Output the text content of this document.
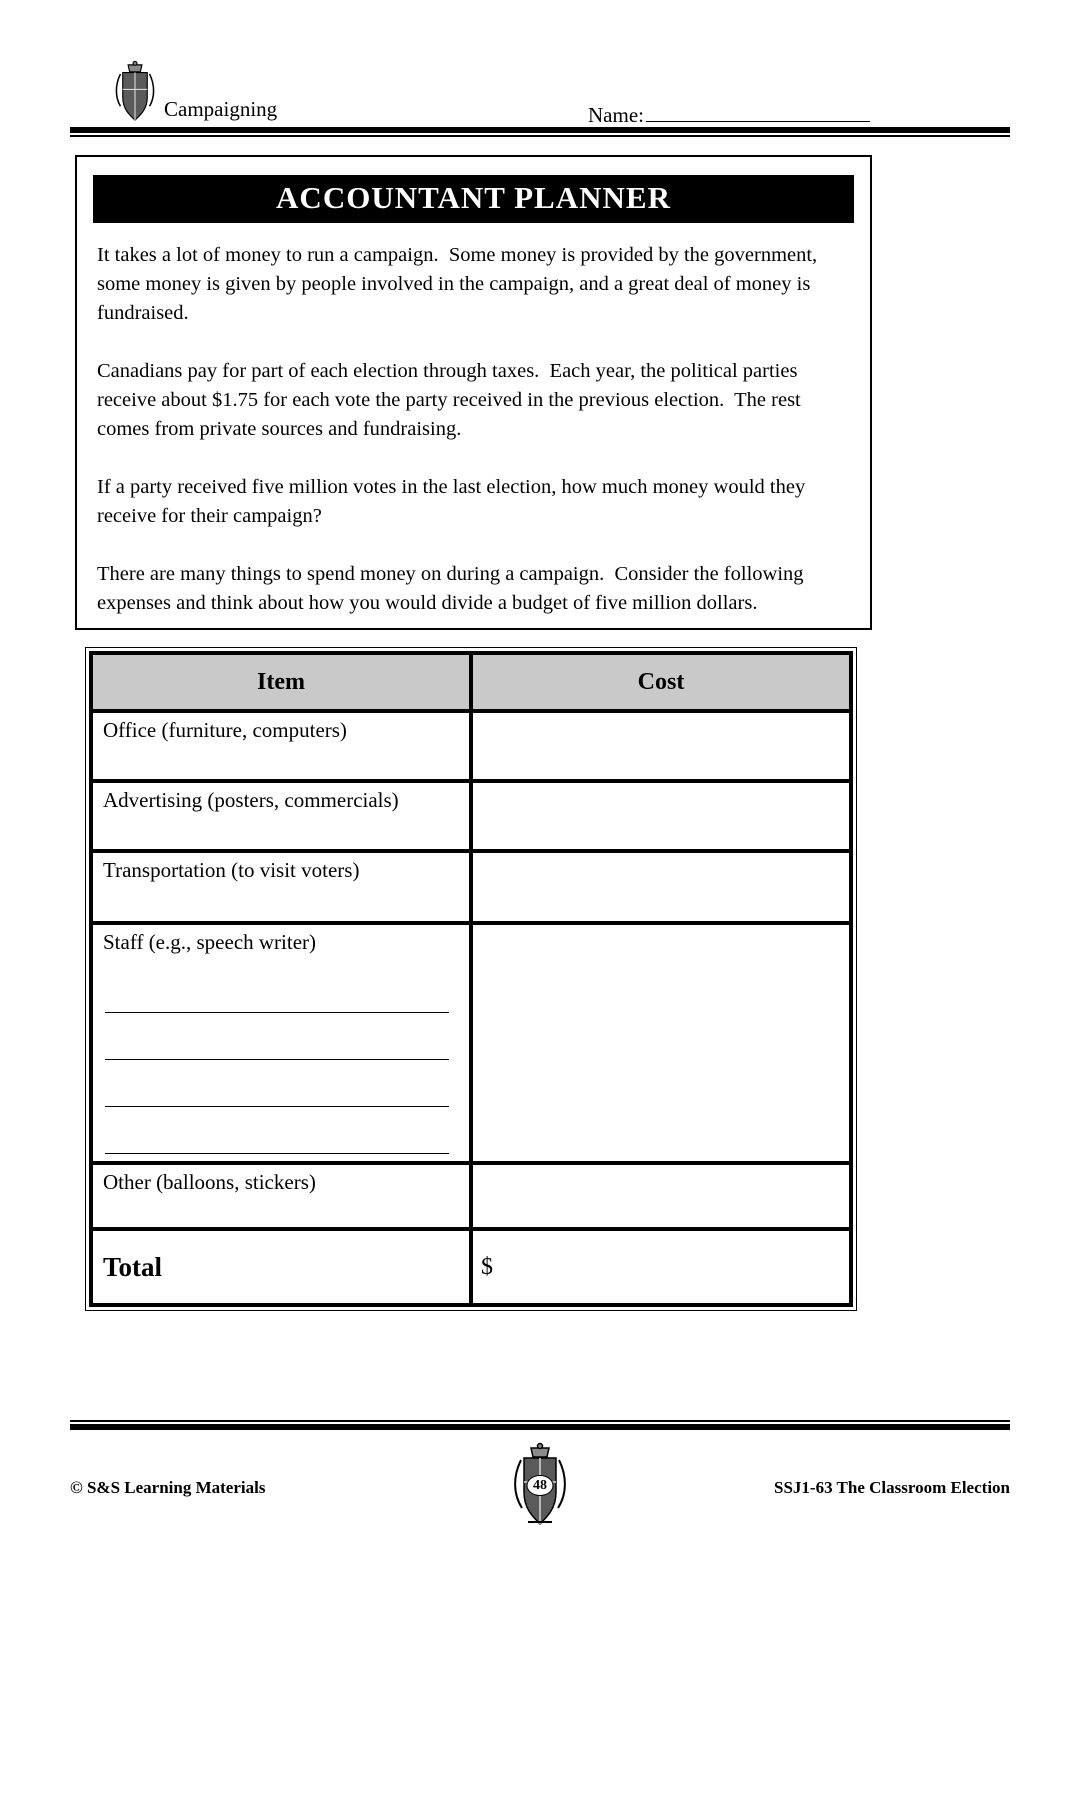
Campaigning	Name:
ACCOUNTANT PLANNER

It takes a lot of money to run a campaign.  Some money is provided by the government, some money is given by people involved in the campaign, and a great deal of money is fundraised.

Canadians pay for part of each election through taxes.  Each year, the political parties receive about $1.75 for each vote the party received in the previous election.  The rest comes from private sources and fundraising.

If a party received five million votes in the last election, how much money would they receive for their campaign?

There are many things to spend money on during a campaign.  Consider the following expenses and think about how you would divide a budget of five million dollars.

Item	Cost
Office (furniture, computers)	
Advertising (posters, commercials)	
Transportation (to visit voters)	

Staff (e.g., speech writer)	

Other (balloons, stickers)	
Total	$
© S&S Learning Materials	SSJ1-63 The Classroom Election
48
